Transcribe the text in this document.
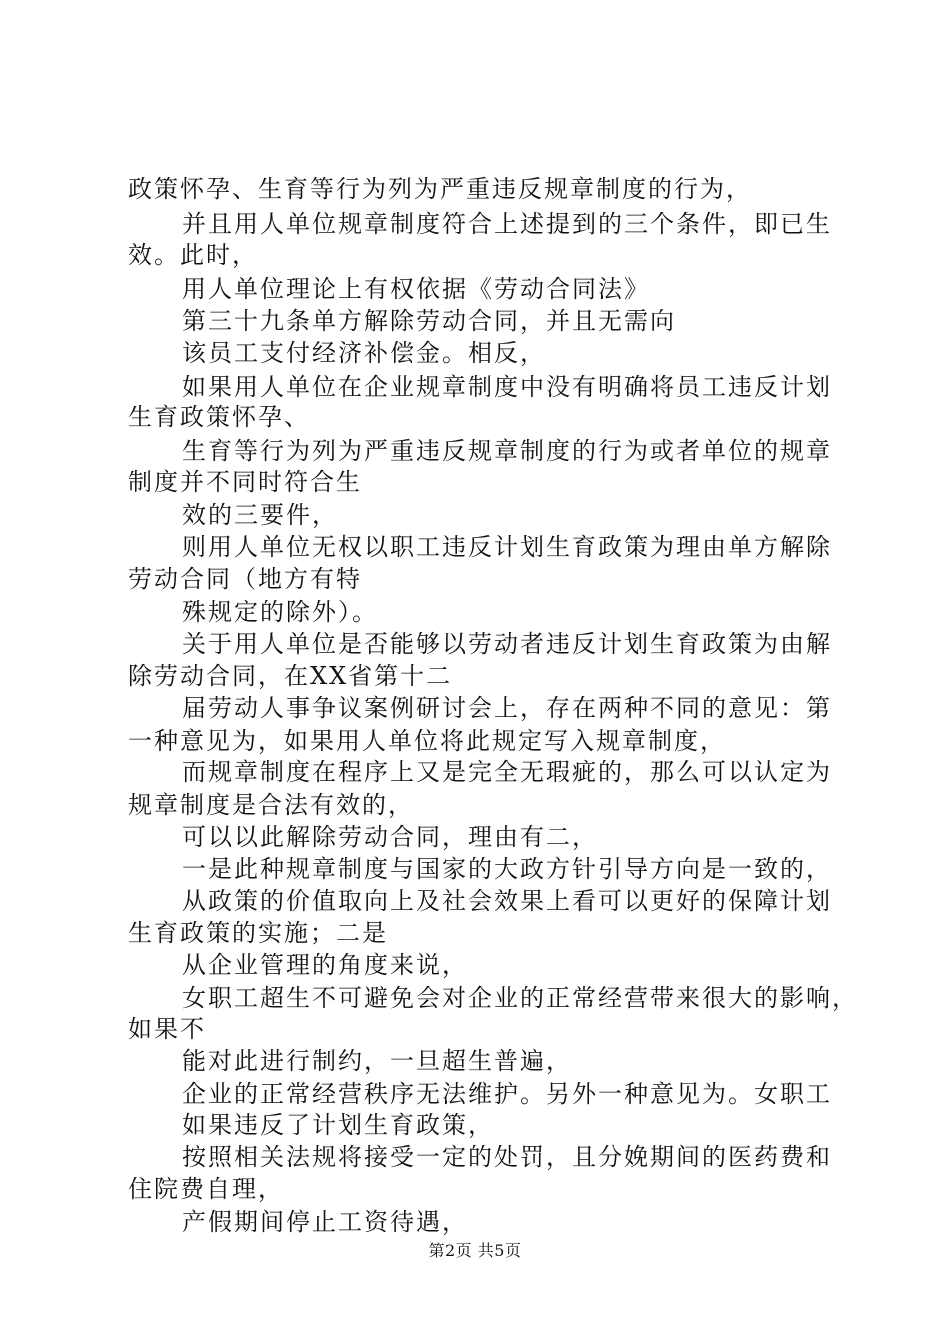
政策怀孕、生育等行为列为严重违反规章制度的行为，
并且用人单位规章制度符合上述提到的三个条件，即已生
效。此时，
用人单位理论上有权依据《劳动合同法》
第三十九条单方解除劳动合同，并且无需向
该员工支付经济补偿金。相反，
如果用人单位在企业规章制度中没有明确将员工违反计划
生育政策怀孕、
生育等行为列为严重违反规章制度的行为或者单位的规章
制度并不同时符合生
效的三要件，
则用人单位无权以职工违反计划生育政策为理由单方解除
劳动合同（地方有特
殊规定的除外）。
关于用人单位是否能够以劳动者违反计划生育政策为由解
除劳动合同，在XX省第十二
届劳动人事争议案例研讨会上，存在两种不同的意见：第
一种意见为，如果用人单位将此规定写入规章制度，
而规章制度在程序上又是完全无瑕疵的，那么可以认定为
规章制度是合法有效的，
可以以此解除劳动合同，理由有二，
一是此种规章制度与国家的大政方针引导方向是一致的，
从政策的价值取向上及社会效果上看可以更好的保障计划
生育政策的实施；二是
从企业管理的角度来说，
女职工超生不可避免会对企业的正常经营带来很大的影响，
如果不
能对此进行制约，一旦超生普遍，
企业的正常经营秩序无法维护。另外一种意见为。女职工
如果违反了计划生育政策，
按照相关法规将接受一定的处罚，且分娩期间的医药费和
住院费自理，
产假期间停止工资待遇，
第2页 共5页
